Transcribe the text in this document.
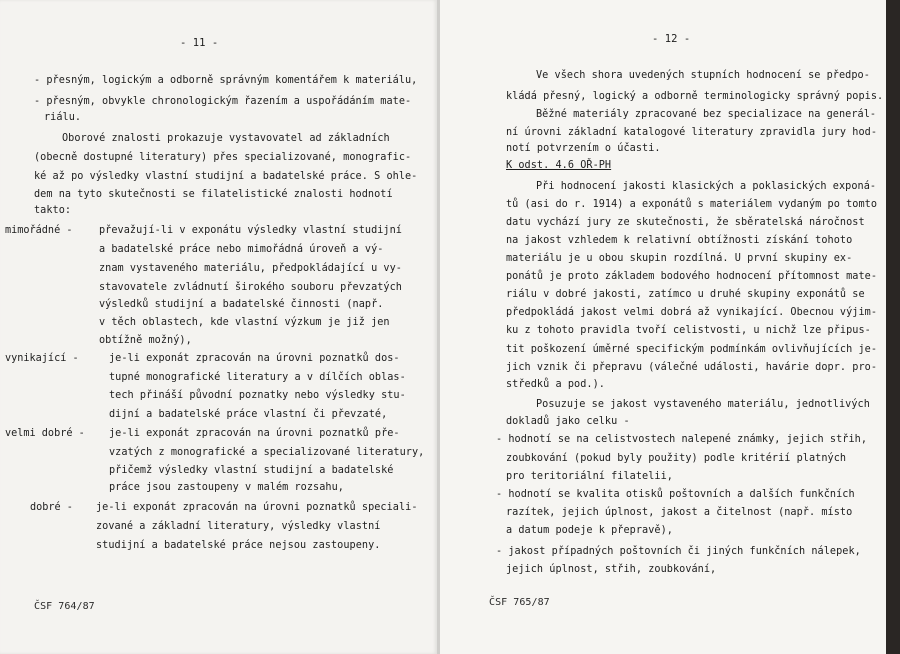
- 11 -
- přesným, logickým a odborně správným komentářem k materiálu,
- přesným, obvykle chronologickým řazením a uspořádáním mate-
riálu.
Oborové znalosti prokazuje vystavovatel ad základních
(obecně dostupné literatury) přes specializované, monografic-
ké až po výsledky vlastní studijní a badatelské práce. S ohle-
dem na tyto skutečnosti se filatelistické znalosti hodnotí
takto:
mimořádné -	převažují-li v exponátu výsledky vlastní studijní
a badatelské práce nebo mimořádná úroveň a vý-
znam vystaveného materiálu, předpokládající u vy-
stavovatele zvládnutí širokého souboru převzatých
výsledků studijní a badatelské činnosti (např.
v těch oblastech, kde vlastní výzkum je již jen
obtížně možný),
vynikající -	je-li exponát zpracován na úrovni poznatků dos-
tupné monografické literatury a v dílčích oblas-
tech přináší původní poznatky nebo výsledky stu-
dijní a badatelské práce vlastní či převzaté,
velmi dobré - je-li exponát zpracován na úrovni poznatků pře-
vzatých z monografické a specializované literatury,
přičemž výsledky vlastní studijní a badatelské
práce jsou zastoupeny v malém rozsahu,
dobré - je-li exponát zpracován na úrovni poznatků speciali-
zované a základní literatury, výsledky vlastní
studijní a badatelské práce nejsou zastoupeny.
ČSF 764/87
- 12 -
Ve všech shora uvedených stupních hodnocení se předpo-
kládá přesný, logický a odborně terminologicky správný popis.
Běžné materiály zpracované bez specializace na generál-
ní úrovni základní katalogové literatury zpravidla jury hod-
notí potvrzením o účasti.
K odst. 4.6 OŘ-PH
Při hodnocení jakosti klasických a poklasických exponá-
tů (asi do r. 1914) a exponátů s materiálem vydaným po tomto
datu vychází jury ze skutečnosti, že sběratelská náročnost
na jakost vzhledem k relativní obtížnosti získání tohoto
materiálu je u obou skupin rozdílná. U první skupiny ex-
ponátů je proto základem bodového hodnocení přítomnost mate-
riálu v dobré jakosti, zatímco u druhé skupiny exponátů se
předpokládá jakost velmi dobrá až vynikající. Obecnou výjim-
ku z tohoto pravidla tvoří celistvosti, u nichž lze připus-
tit poškození úměrné specifickým podmínkám ovlivňujících je-
jich vznik či přepravu (válečné události, havárie dopr. pro-
středků a pod.).
Posuzuje se jakost vystaveného materiálu, jednotlivých
dokladů jako celku -
- hodnotí se na celistvostech nalepené známky, jejich střih,
zoubkování (pokud byly použity) podle kritérií platných
pro teritoriální filatelii,
- hodnotí se kvalita otisků poštovních a dalších funkčních
razítek, jejich úplnost, jakost a čitelnost (např. místo
a datum podeje k přepravě),
- jakost případných poštovních či jiných funkčních nálepek,
jejich úplnost, střih, zoubkování,
ČSF 765/87
